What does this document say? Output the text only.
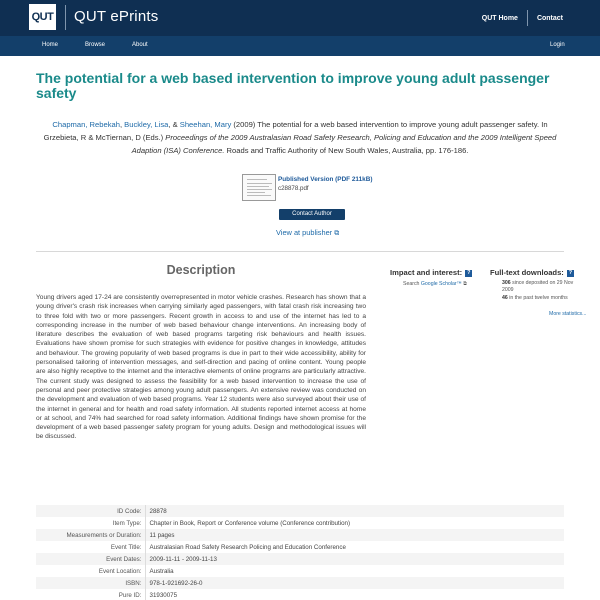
QUT QUT ePrints	QUT Home	Contact
Home	Browse	About	Login
The potential for a web based intervention to improve young adult passenger safety
Chapman, Rebekah, Buckley, Lisa, & Sheehan, Mary (2009) The potential for a web based intervention to improve young adult passenger safety. In Grzebieta, R & McTiernan, D (Eds.) Proceedings of the 2009 Australasian Road Safety Research, Policing and Education and the 2009 Intelligent Speed Adaption (ISA) Conference. Roads and Traffic Authority of New South Wales, Australia, pp. 176-186.
Published Version (PDF 211kB)
c28878.pdf
Contact Author
View at publisher ⧉
Description

Young drivers aged 17-24 are consistently overrepresented in motor vehicle crashes. Research has shown that a young driver's crash risk increases when carrying similarly aged passengers, with fatal crash risk increasing two to three fold with two or more passengers. Recent growth in access to and use of the internet has led to a corresponding increase in the number of web based behaviour change interventions. An increasing body of literature describes the evaluation of web based programs targeting risk behaviours and health issues. Evaluations have shown promise for such strategies with evidence for positive changes in knowledge, attitudes and behaviour. The growing popularity of web based programs is due in part to their wide accessibility, ability for personalised tailoring of intervention messages, and self-direction and pacing of online content. Young people are also highly receptive to the internet and the interactive elements of online programs are particularly attractive. The current study was designed to assess the feasibility for a web based intervention to increase the use of personal and peer protective strategies among young adult passengers. An extensive review was conducted on the development and evaluation of web based programs. Year 12 students were also surveyed about their use of the internet in general and for health and road safety information. All students reported internet access at home or at school, and 74% had searched for road safety information. Additional findings have shown promise for the development of a web based passenger safety program for young adults. Design and methodological issues will be discussed.

Impact and interest: ?
Search Google Scholar™ ⧉
Full-text downloads: ?
306 since deposited on 29 Nov 2009
46 in the past twelve months
More statistics...
ID Code:	28878
Item Type:	Chapter in Book, Report or Conference volume (Conference contribution)
Measurements or Duration:	11 pages
Event Title:	Australasian Road Safety Research Policing and Education Conference
Event Dates:	2009-11-11 - 2009-11-13
Event Location:	Australia
ISBN:	978-1-921692-26-0
Pure ID:	31930075
